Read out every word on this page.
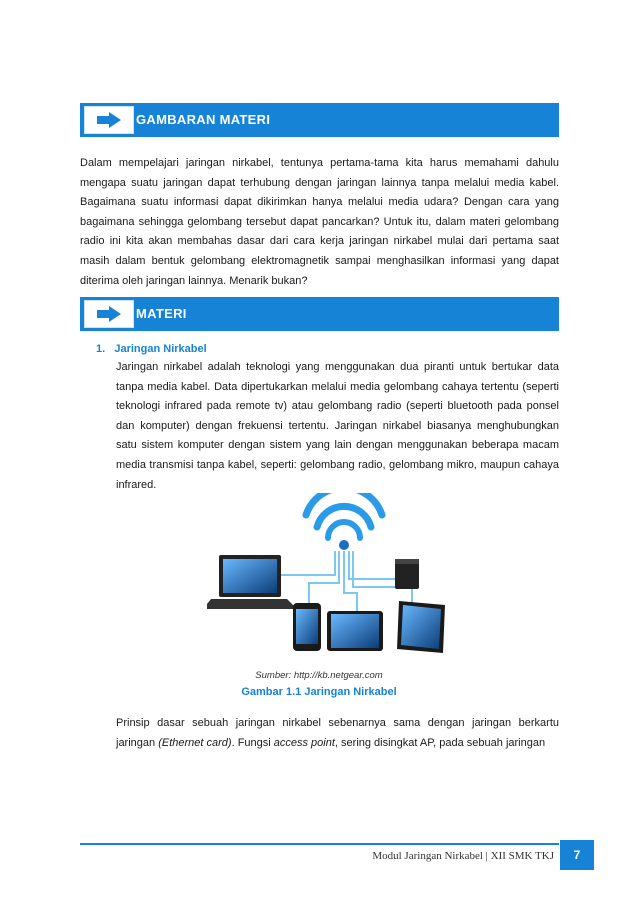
GAMBARAN MATERI

Dalam mempelajari jaringan nirkabel, tentunya pertama-tama kita harus memahami dahulu mengapa suatu jaringan dapat terhubung dengan jaringan lainnya tanpa melalui media kabel. Bagaimana suatu informasi dapat dikirimkan hanya melalui media udara? Dengan cara yang bagaimana sehingga gelombang tersebut dapat pancarkan? Untuk itu, dalam materi gelombang radio ini kita akan membahas dasar dari cara kerja jaringan nirkabel mulai dari pertama saat masih dalam bentuk gelombang elektromagnetik sampai menghasilkan informasi yang dapat diterima oleh jaringan lainnya. Menarik bukan?

MATERI
1.   Jaringan Nirkabel

Jaringan nirkabel adalah teknologi yang menggunakan dua piranti untuk bertukar data tanpa media kabel. Data dipertukarkan melalui media gelombang cahaya tertentu (seperti teknologi infrared pada remote tv) atau gelombang radio (seperti bluetooth pada ponsel dan komputer) dengan frekuensi tertentu. Jaringan nirkabel biasanya menghubungkan satu sistem komputer dengan sistem yang lain dengan menggunakan beberapa macam media transmisi tanpa kabel, seperti: gelombang radio, gelombang mikro, maupun cahaya infrared.

Sumber: http://kb.netgear.com
Gambar 1.1 Jaringan Nirkabel

Prinsip dasar sebuah jaringan nirkabel sebenarnya sama dengan jaringan berkartu jaringan (Ethernet card). Fungsi access point, sering disingkat AP, pada sebuah jaringan

Modul Jaringan Nirkabel | XII SMK TKJ	7
